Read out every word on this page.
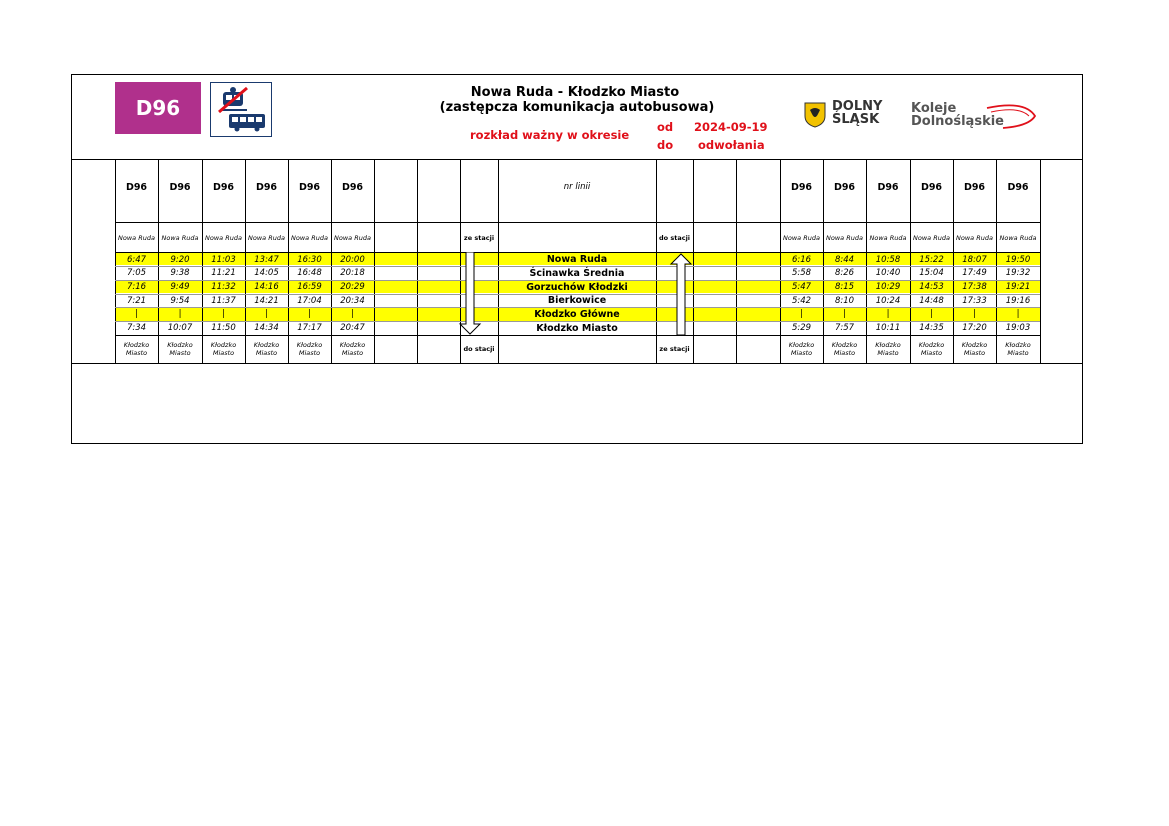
D96
Nowa Ruda - Kłodzko Miasto
(zastępcza komunikacja autobusowa)
rozkład ważny w okresie
od 2024-09-19
do odwołania
DOLNY
ŚLĄSK
Koleje
Dolnośląskie
D96
Nowa Ruda
6:47
7:05
7:16
7:21
|
7:34
Kłodzko Miasto
D96
Nowa Ruda
9:20
9:38
9:49
9:54
|
10:07
Kłodzko Miasto
D96
Nowa Ruda
11:03
11:21
11:32
11:37
|
11:50
Kłodzko Miasto
D96
Nowa Ruda
13:47
14:05
14:16
14:21
|
14:34
Kłodzko Miasto
D96
Nowa Ruda
16:30
16:48
16:59
17:04
|
17:17
Kłodzko Miasto
D96
Nowa Ruda
20:00
20:18
20:29
20:34
|
20:47
Kłodzko Miasto
D96
Nowa Ruda
6:16
5:58
5:47
5:42
|
5:29
Kłodzko Miasto
D96
Nowa Ruda
8:44
8:26
8:15
8:10
|
7:57
Kłodzko Miasto
D96
Nowa Ruda
10:58
10:40
10:29
10:24
|
10:11
Kłodzko Miasto
D96
Nowa Ruda
15:22
15:04
14:53
14:48
|
14:35
Kłodzko Miasto
D96
Nowa Ruda
18:07
17:49
17:38
17:33
|
17:20
Kłodzko Miasto
D96
Nowa Ruda
19:50
19:32
19:21
19:16
|
19:03
Kłodzko Miasto
nr linii
ze stacji
do stacji
do stacji
ze stacji
Nowa Ruda
Ścinawka Średnia
Gorzuchów Kłodzki
Bierkowice
Kłodzko Główne
Kłodzko Miasto
